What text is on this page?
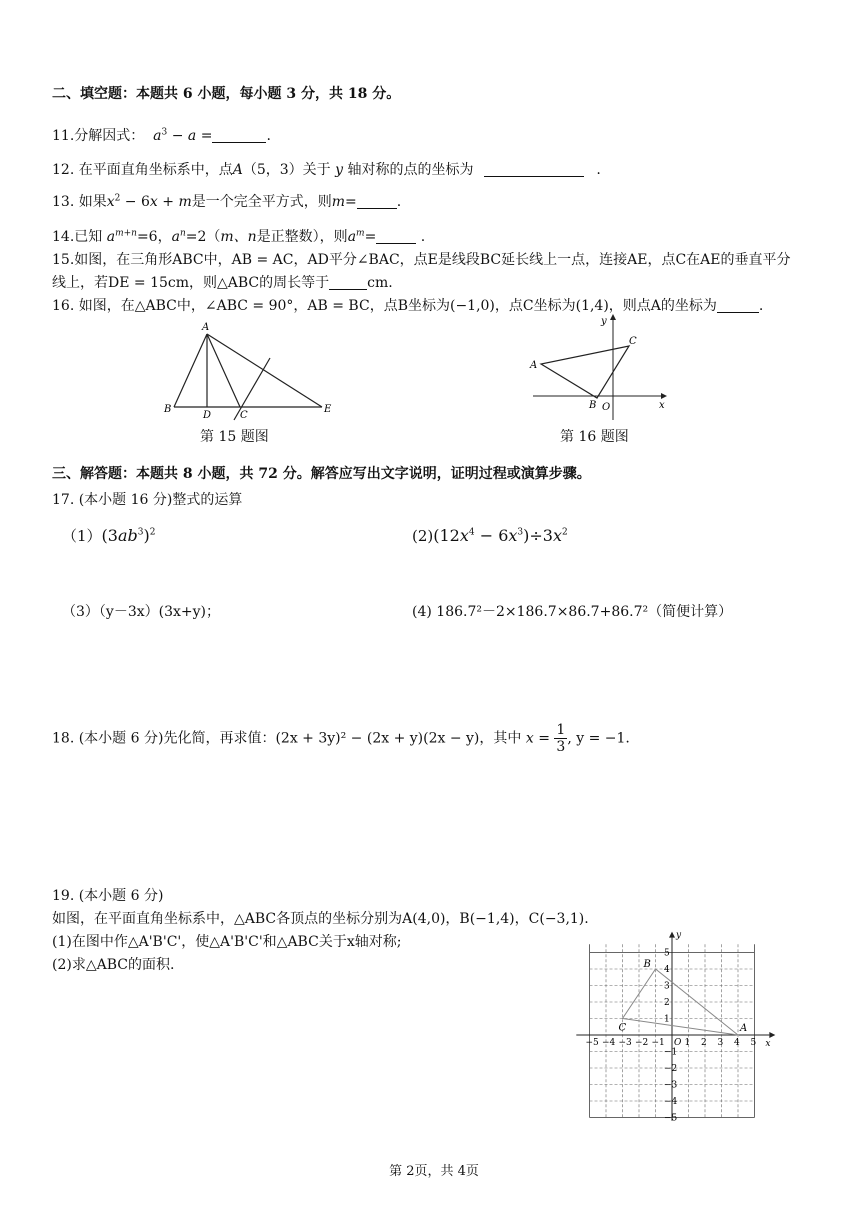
二、填空题：本题共 6 小题，每小题 3 分，共 18 分。
11.分解因式： $a^3 - a$ =	.
12. 在平面直角坐标系中，点A（5，3）关于 y 轴对称的点的坐标为	.
13. 如果$x^2 - 6x + m$是一个完全平方式，则m=	.
14.已知 $a^{m+n}=6$，$a^n=2(m$、n是正整数），则$a^m=$	.
15.如图，在三角形ABC中，AB = AC，AD平分∠BAC，点E是线段BC延长线上一点，连接AE，点C在AE的垂直平分
线上，若DE = 15cm，则△ABC的周长等于	cm.
16. 如图，在△ABC中，∠ABC = 90°，AB = BC，点B坐标为(−1,0)，点C坐标为(1,4)，则点A的坐标为	.
A
B
D	C
E
第 15 题图
A
B
C
O	x
y
第 16 题图
三、解答题：本题共 8 小题，共 72 分。解答应写出文字说明，证明过程或演算步骤。
17. (本小题 16 分)整式的运算
$(1)(3ab^3)^2$	$(2)(12x^4 - 6x^3)\div 3x^2$
（3）（y－3x）(3x+y)；	(4) 186.7²－2×186.7×86.7+86.7²（简便计算）
18. (本小题 6 分)先化简，再求值：(2x + 3y)² − (2x + y)(2x − y)，其中 $x = \frac{1}{3}$ , y = −1.
19. (本小题 6 分)
如图，在平面直角坐标系中，△ABC各顶点的坐标分别为A(4,0)，B(−1,4)，C(−3,1).
(1)在图中作△A'B'C'，使△A'B'C'和△ABC关于x轴对称;
(2)求△ABC的面积.
−5 −4 −3 −2 −1 1 2 3 4 5
5
4
3
2
1
−1
−2
−3
−4
−5
A
B
C
O	x
y
第 2页，共 4页
